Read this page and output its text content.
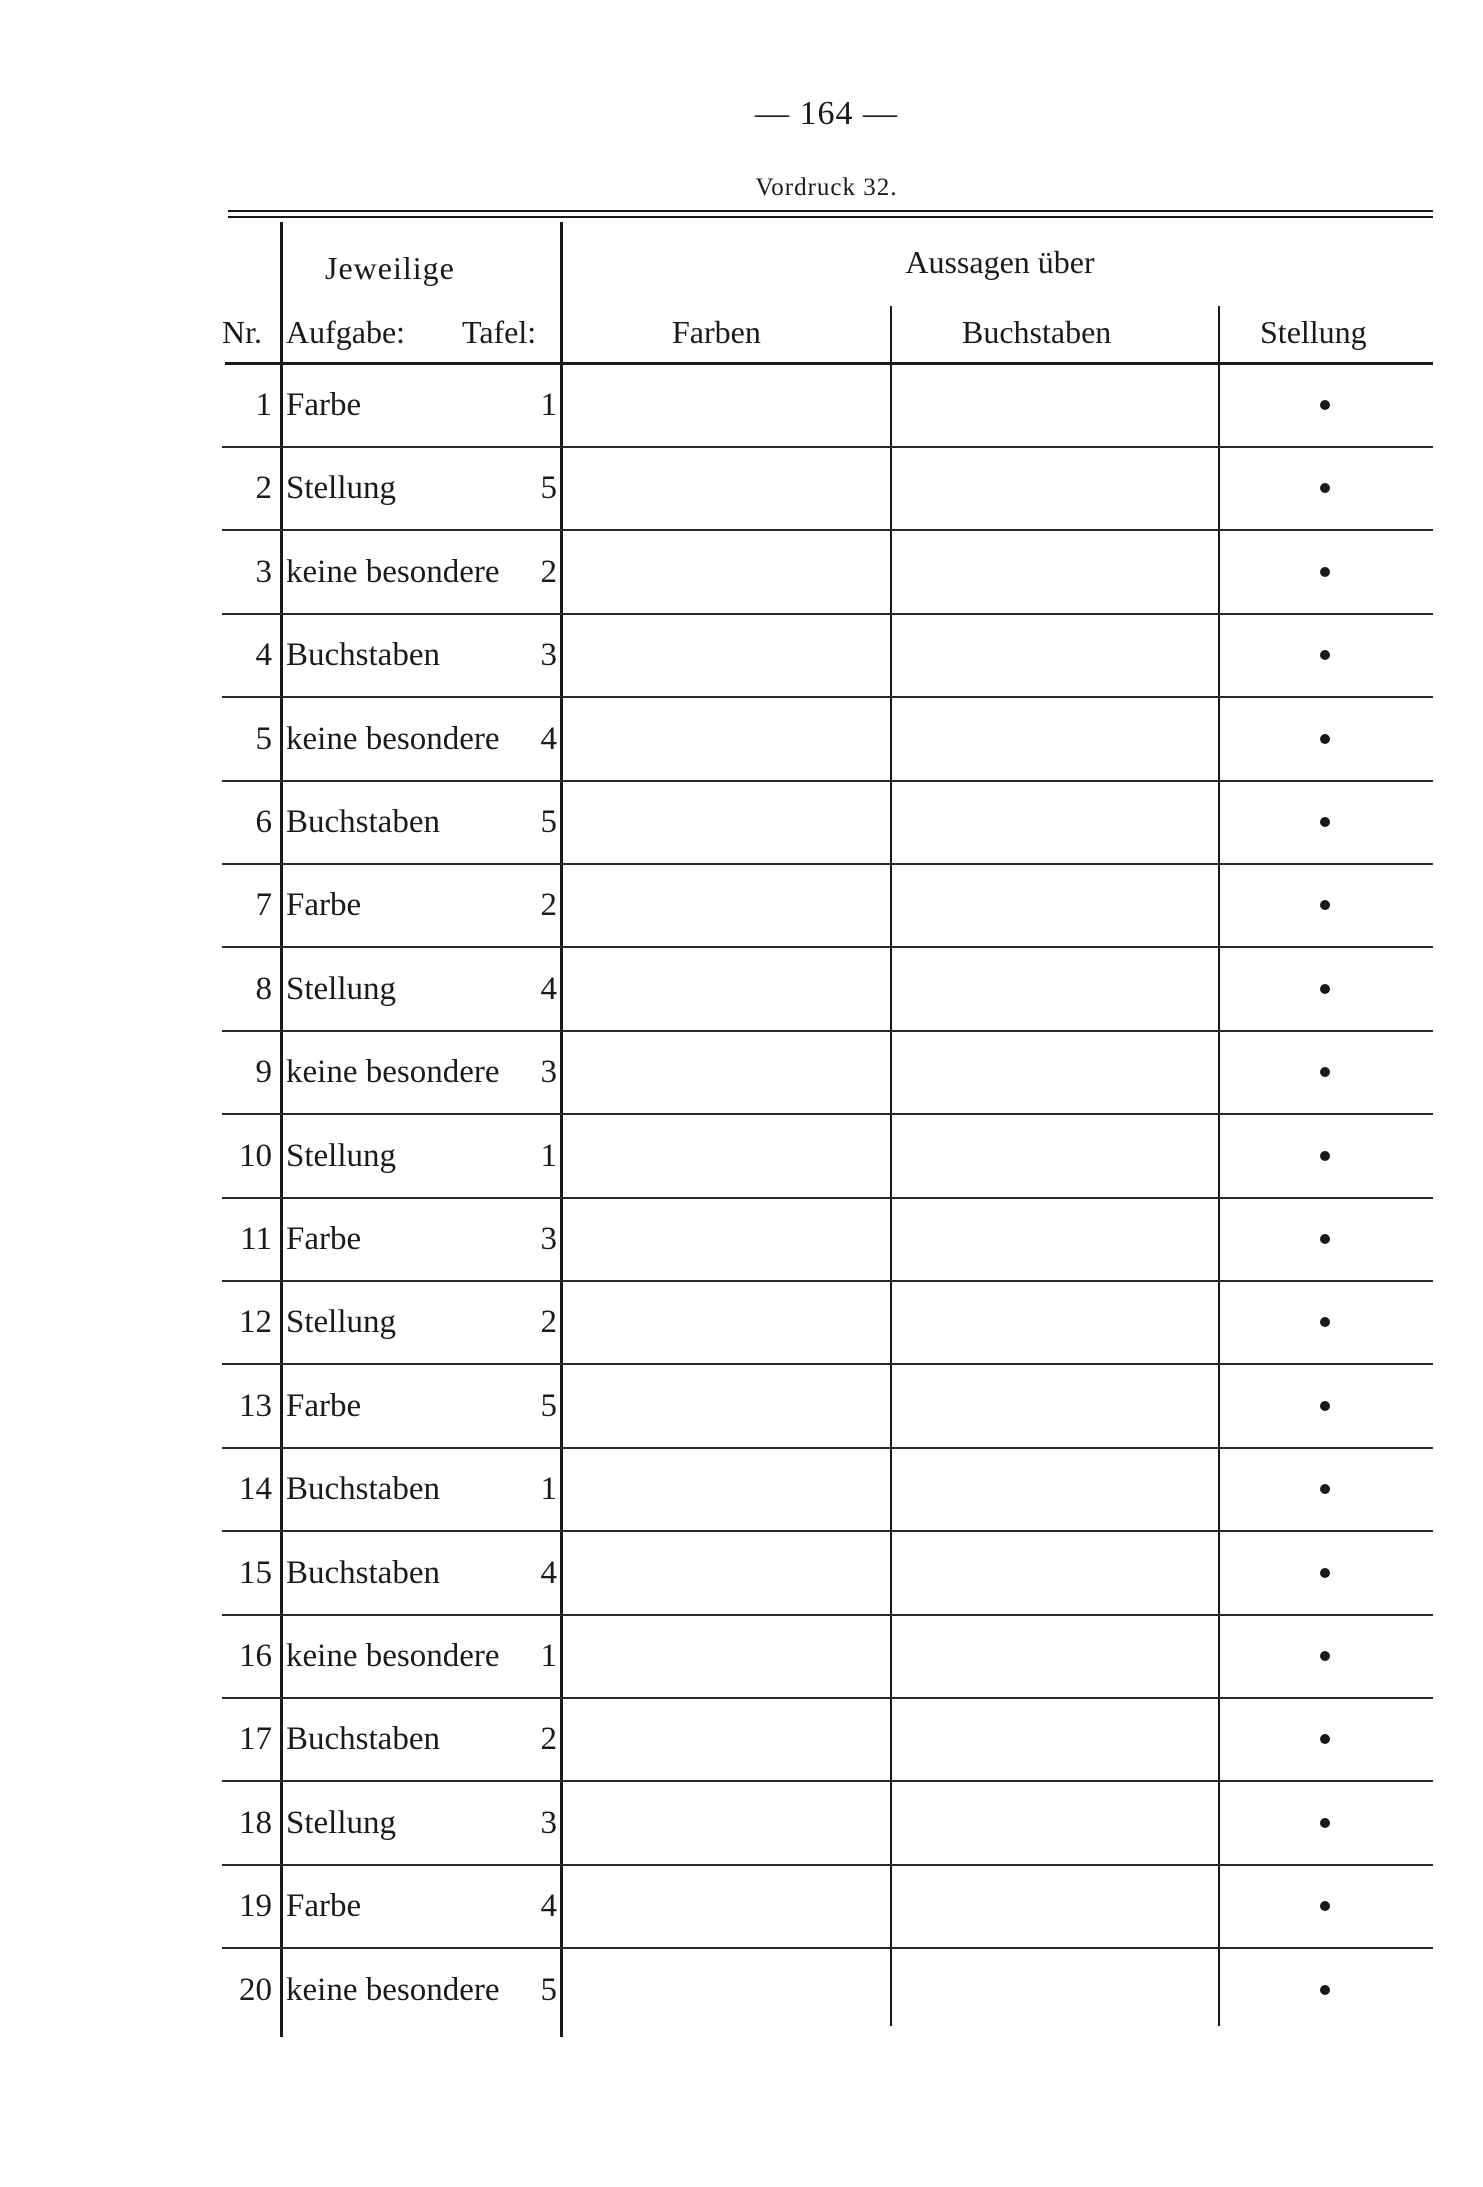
— 164 —
Vordruck 32.
Jeweilige	Aussagen über
Nr. Aufgabe: Tafel:	Farben	Buchstaben	Stellung
1 Farbe	1
2 Stellung	5
3 keine besondere 2
4 Buchstaben	3
5 keine besondere 4
6 Buchstaben	5
7 Farbe	2
8 Stellung	4
9 keine besondere 3
10 Stellung	1
11 Farbe	3
12 Stellung	2
13 Farbe	5
14 Buchstaben	1
15 Buchstaben	4
16 keine besondere 1
17 Buchstaben	2
18 Stellung	3
19 Farbe	4
20 keine besondere 5
